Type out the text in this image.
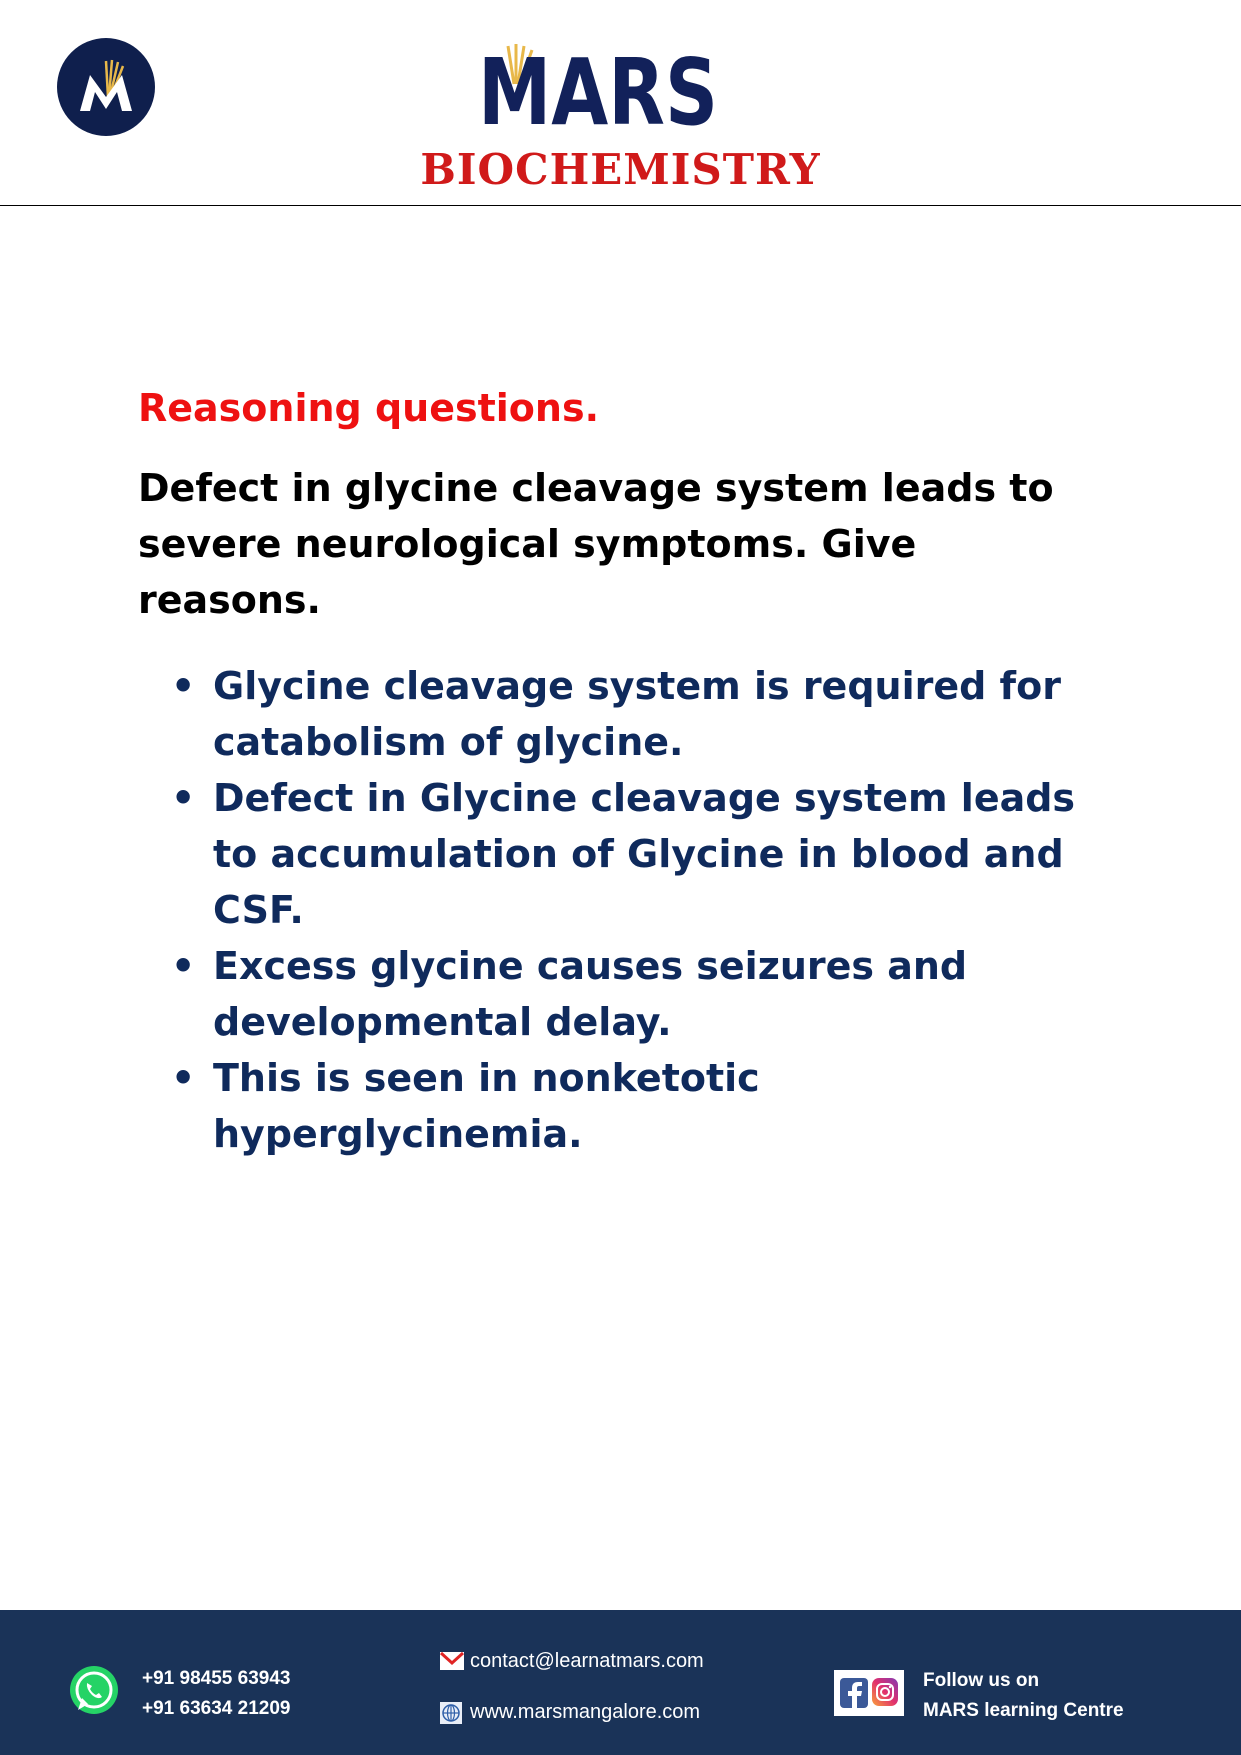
MARS
BIOCHEMISTRY
Reasoning questions.

Defect in glycine cleavage system leads to severe neurological symptoms. Give reasons.

• Glycine cleavage system is required for catabolism of glycine.
• Defect in Glycine cleavage system leads to accumulation of Glycine in blood and CSF.
• Excess glycine causes seizures and developmental delay.
• This is seen in nonketotic hyperglycinemia.
+91 98455 63943
+91 63634 21209
contact@learnatmars.com
www.marsmangalore.com
Follow us on
MARS learning Centre
